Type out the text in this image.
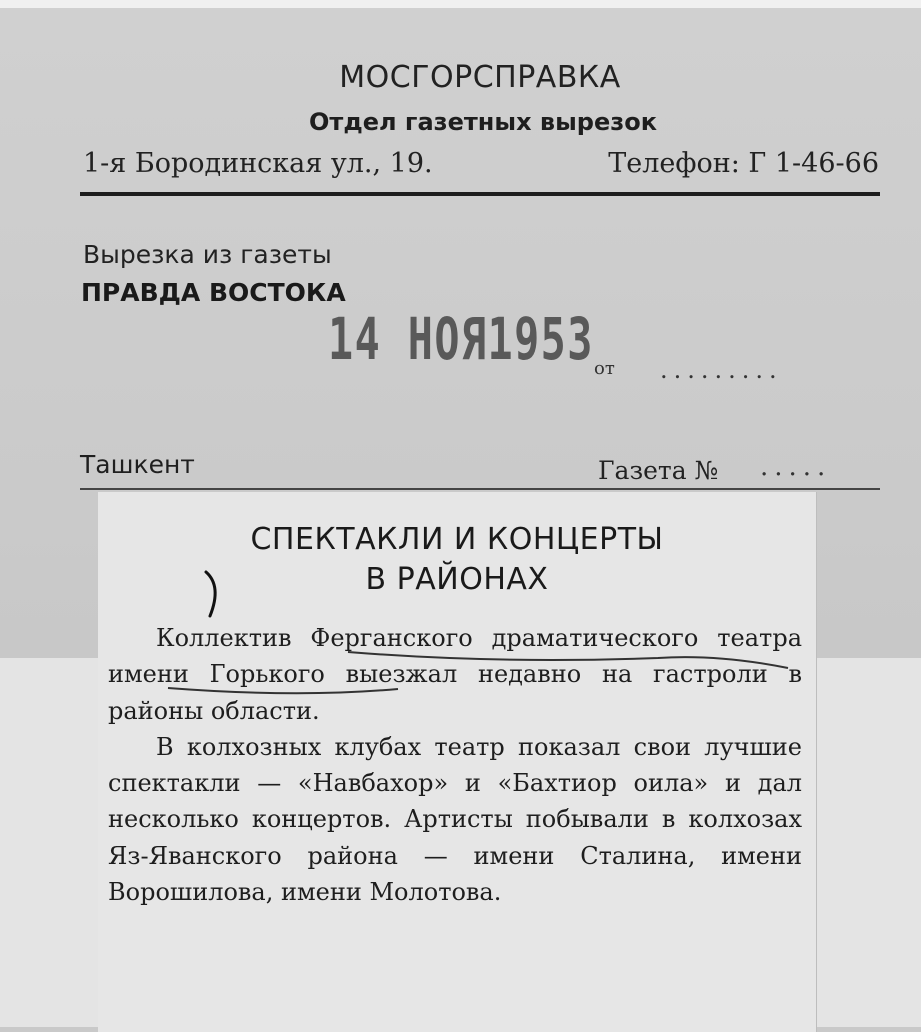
МОСГОРСПРАВКА
Отдел газетных вырезок
1-я Бородинская ул., 19.	Телефон: Г 1-46-66
Вырезка из газеты
ПРАВДА ВОСТОКА
14 НОЯ1953 от .........
Ташкент	Газета № .....
СПЕКТАКЛИ И КОНЦЕРТЫ
В РАЙОНАХ

Коллектив Ферганского драматического театра имени Горького выезжал недавно на гастроли в районы области.

В колхозных клубах театр показал свои лучшие спектакли — «Навбахор» и «Бахтиор оила» и дал несколько концертов. Артисты побывали в колхозах Яз-Яванского района — имени Сталина, имени Ворошилова, имени Молотова.
